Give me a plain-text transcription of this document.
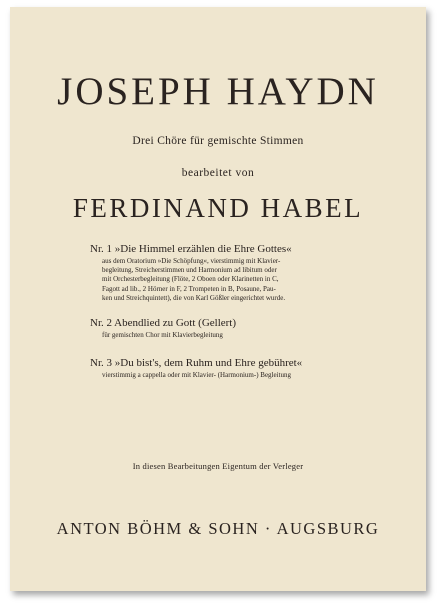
JOSEPH HAYDN
Drei Chöre für gemischte Stimmen
bearbeitet von
FERDINAND HABEL
Nr. 1 »Die Himmel erzählen die Ehre Gottes«
aus dem Oratorium »Die Schöpfung«, vierstimmig mit Klavier-
begleitung, Streicherstimmen und Harmonium ad libitum oder
mit Orchesterbegleitung (Flöte, 2 Oboen oder Klarinetten in C,
Fagott ad lib., 2 Hörner in F, 2 Trompeten in B, Posaune, Pau-
ken und Streichquintett), die von Karl Gößler eingerichtet wurde.
Nr. 2 Abendlied zu Gott (Gellert)
für gemischten Chor mit Klavierbegleitung
Nr. 3 »Du bist's, dem Ruhm und Ehre gebühret«
vierstimmig a cappella oder mit Klavier- (Harmonium-) Begleitung
In diesen Bearbeitungen Eigentum der Verleger
ANTON BÖHM & SOHN · AUGSBURG
